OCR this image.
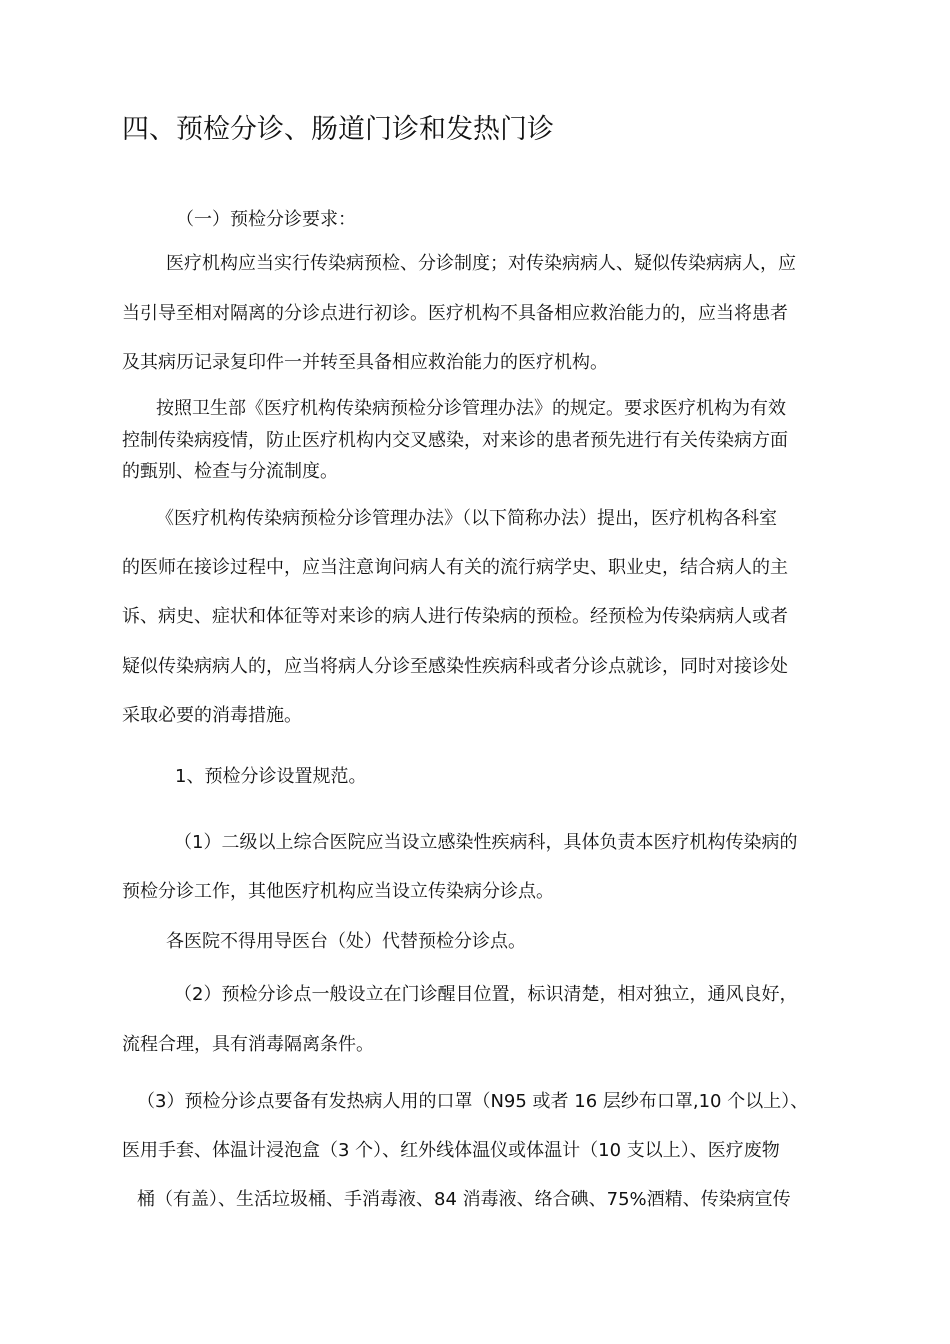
四、预检分诊、肠道门诊和发热门诊
（一）预检分诊要求：
医疗机构应当实行传染病预检、分诊制度；对传染病病人、疑似传染病病人，应
当引导至相对隔离的分诊点进行初诊。医疗机构不具备相应救治能力的，应当将患者
及其病历记录复印件一并转至具备相应救治能力的医疗机构。
按照卫生部《医疗机构传染病预检分诊管理办法》的规定。要求医疗机构为有效
控制传染病疫情，防止医疗机构内交叉感染，对来诊的患者预先进行有关传染病方面
的甄别、检查与分流制度。
《医疗机构传染病预检分诊管理办法》（以下简称办法）提出，医疗机构各科室
的医师在接诊过程中，应当注意询问病人有关的流行病学史、职业史，结合病人的主
诉、病史、症状和体征等对来诊的病人进行传染病的预检。经预检为传染病病人或者
疑似传染病病人的，应当将病人分诊至感染性疾病科或者分诊点就诊，同时对接诊处
采取必要的消毒措施。
1、预检分诊设置规范。
（1）二级以上综合医院应当设立感染性疾病科，具体负责本医疗机构传染病的
预检分诊工作，其他医疗机构应当设立传染病分诊点。
各医院不得用导医台（处）代替预检分诊点。
（2）预检分诊点一般设立在门诊醒目位置，标识清楚，相对独立，通风良好，
流程合理，具有消毒隔离条件。
（3）预检分诊点要备有发热病人用的口罩（N95 或者 16 层纱布口罩,10 个以上）、
医用手套、体温计浸泡盒（3 个）、红外线体温仪或体温计（10 支以上）、医疗废物
桶（有盖）、生活垃圾桶、手消毒液、84 消毒液、络合碘、75%酒精、传染病宣传
